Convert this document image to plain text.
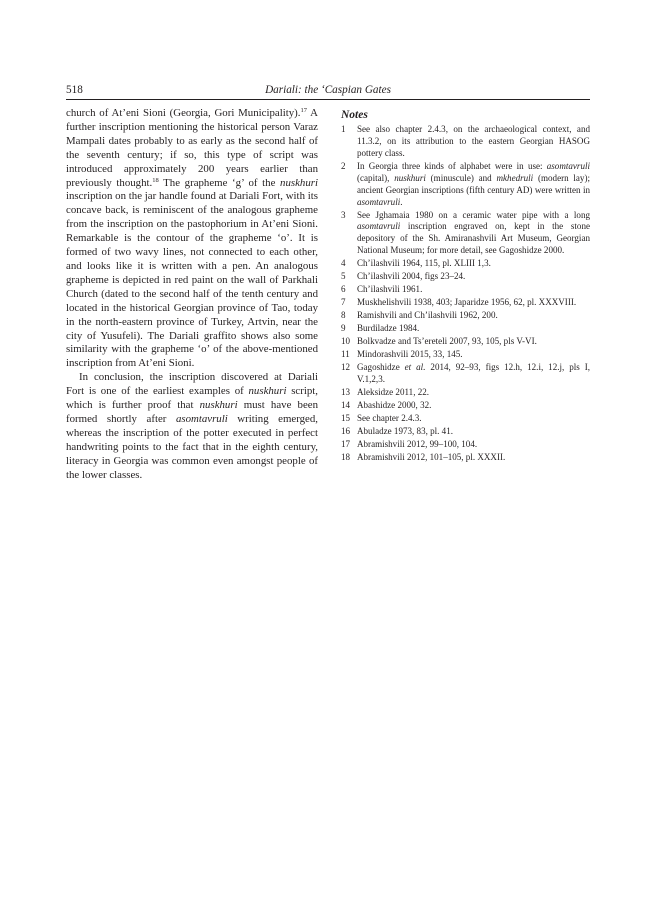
518	Dariali: the ‘Caspian Gates

church of At’eni Sioni (Georgia, Gori Municipality).$^{17}$ A further inscription mentioning the historical person Varaz Mampali dates probably to as early as the second half of the seventh century; if so, this type of script was introduced approximately 200 years earlier than previously thought.$^{18}$ The grapheme ‘g’ of the nuskhuri inscription on the jar handle found at Dariali Fort, with its concave back, is reminiscent of the analogous grapheme from the inscription on the pastophorium in At’eni Sioni. Remarkable is the contour of the grapheme ‘o’. It is formed of two wavy lines, not connected to each other, and looks like it is written with a pen. An analogous grapheme is depicted in red paint on the wall of Parkhali Church (dated to the second half of the tenth century and located in the historical Georgian province of Tao, today in the north-eastern province of Turkey, Artvin, near the city of Yusufeli). The Dariali graffito shows also some similarity with the grapheme ‘o’ of the above-mentioned inscription from At’eni Sioni.

In conclusion, the inscription discovered at Dariali Fort is one of the earliest examples of nuskhuri script, which is further proof that nuskhuri must have been formed shortly after asomtavruli writing emerged, whereas the inscription of the potter executed in perfect handwriting points to the fact that in the eighth century, literacy in Georgia was common even amongst people of the lower classes.

Notes
1	See also chapter 2.4.3, on the archaeological context, and 11.3.2, on its attribution to the eastern Georgian HASOG pottery class.
2	In Georgia three kinds of alphabet were in use: asomtavruli (capital), nuskhuri (minuscule) and mkhedruli (modern lay); ancient Georgian inscriptions (fifth century AD) were written in asomtavruli.
3	See Jghamaia 1980 on a ceramic water pipe with a long asomtavruli inscription engraved on, kept in the stone depository of the Sh. Amiranashvili Art Museum, Georgian National Museum; for more detail, see Gagoshidze 2000.
4	Ch’ilashvili 1964, 115, pl. XLIII 1,3.
5	Ch’ilashvili 2004, figs 23–24.
6	Ch’ilashvili 1961.
7	Muskhelishvili 1938, 403; Japaridze 1956, 62, pl. XXXVIII.
8	Ramishvili and Ch’ilashvili 1962, 200.
9	Burdiladze 1984.
10 Bolkvadze and Ts’ereteli 2007, 93, 105, pls V-VI.
11 Mindorashvili 2015, 33, 145.
12 Gagoshidze et al. 2014, 92–93, figs 12.h, 12.i, 12.j, pls I, V.1,2,3.
13 Aleksidze 2011, 22.
14 Abashidze 2000, 32.
15 See chapter 2.4.3.
16 Abuladze 1973, 83, pl. 41.
17 Abramishvili 2012, 99–100, 104.
18 Abramishvili 2012, 101–105, pl. XXXII.
